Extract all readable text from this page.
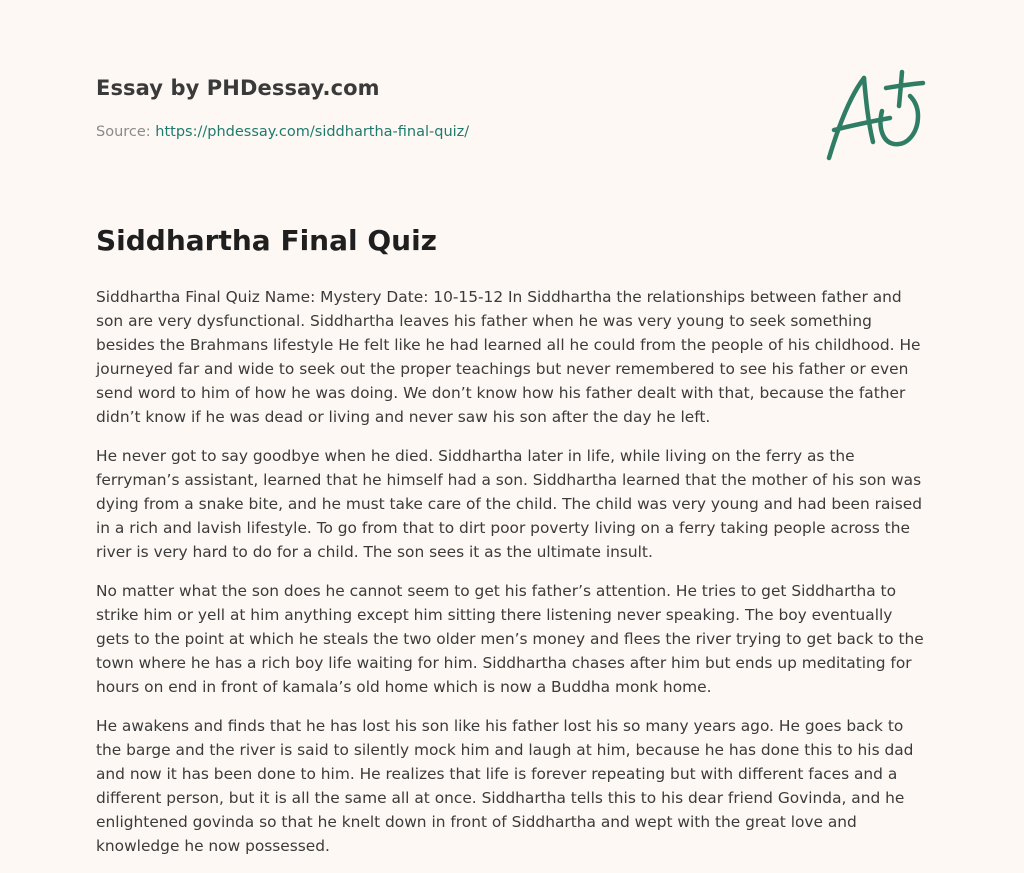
Essay by PHDessay.com
Source: https://phdessay.com/siddhartha-final-quiz/
Siddhartha Final Quiz

Siddhartha Final Quiz Name: Mystery Date: 10-15-12 In Siddhartha the relationships between father and son are very dysfunctional. Siddhartha leaves his father when he was very young to seek something besides the Brahmans lifestyle He felt like he had learned all he could from the people of his childhood. He journeyed far and wide to seek out the proper teachings but never remembered to see his father or even send word to him of how he was doing. We don’t know how his father dealt with that, because the father didn’t know if he was dead or living and never saw his son after the day he left.

He never got to say goodbye when he died. Siddhartha later in life, while living on the ferry as the ferryman’s assistant, learned that he himself had a son. Siddhartha learned that the mother of his son was dying from a snake bite, and he must take care of the child. The child was very young and had been raised in a rich and lavish lifestyle. To go from that to dirt poor poverty living on a ferry taking people across the river is very hard to do for a child. The son sees it as the ultimate insult.

No matter what the son does he cannot seem to get his father’s attention. He tries to get Siddhartha to strike him or yell at him anything except him sitting there listening never speaking. The boy eventually gets to the point at which he steals the two older men’s money and flees the river trying to get back to the town where he has a rich boy life waiting for him. Siddhartha chases after him but ends up meditating for hours on end in front of kamala’s old home which is now a Buddha monk home.

He awakens and finds that he has lost his son like his father lost his so many years ago. He goes back to the barge and the river is said to silently mock him and laugh at him, because he has done this to his dad and now it has been done to him. He realizes that life is forever repeating but with different faces and a different person, but it is all the same all at once. Siddhartha tells this to his dear friend Govinda, and he enlightened govinda so that he knelt down in front of Siddhartha and wept with the great love and knowledge he now possessed.
